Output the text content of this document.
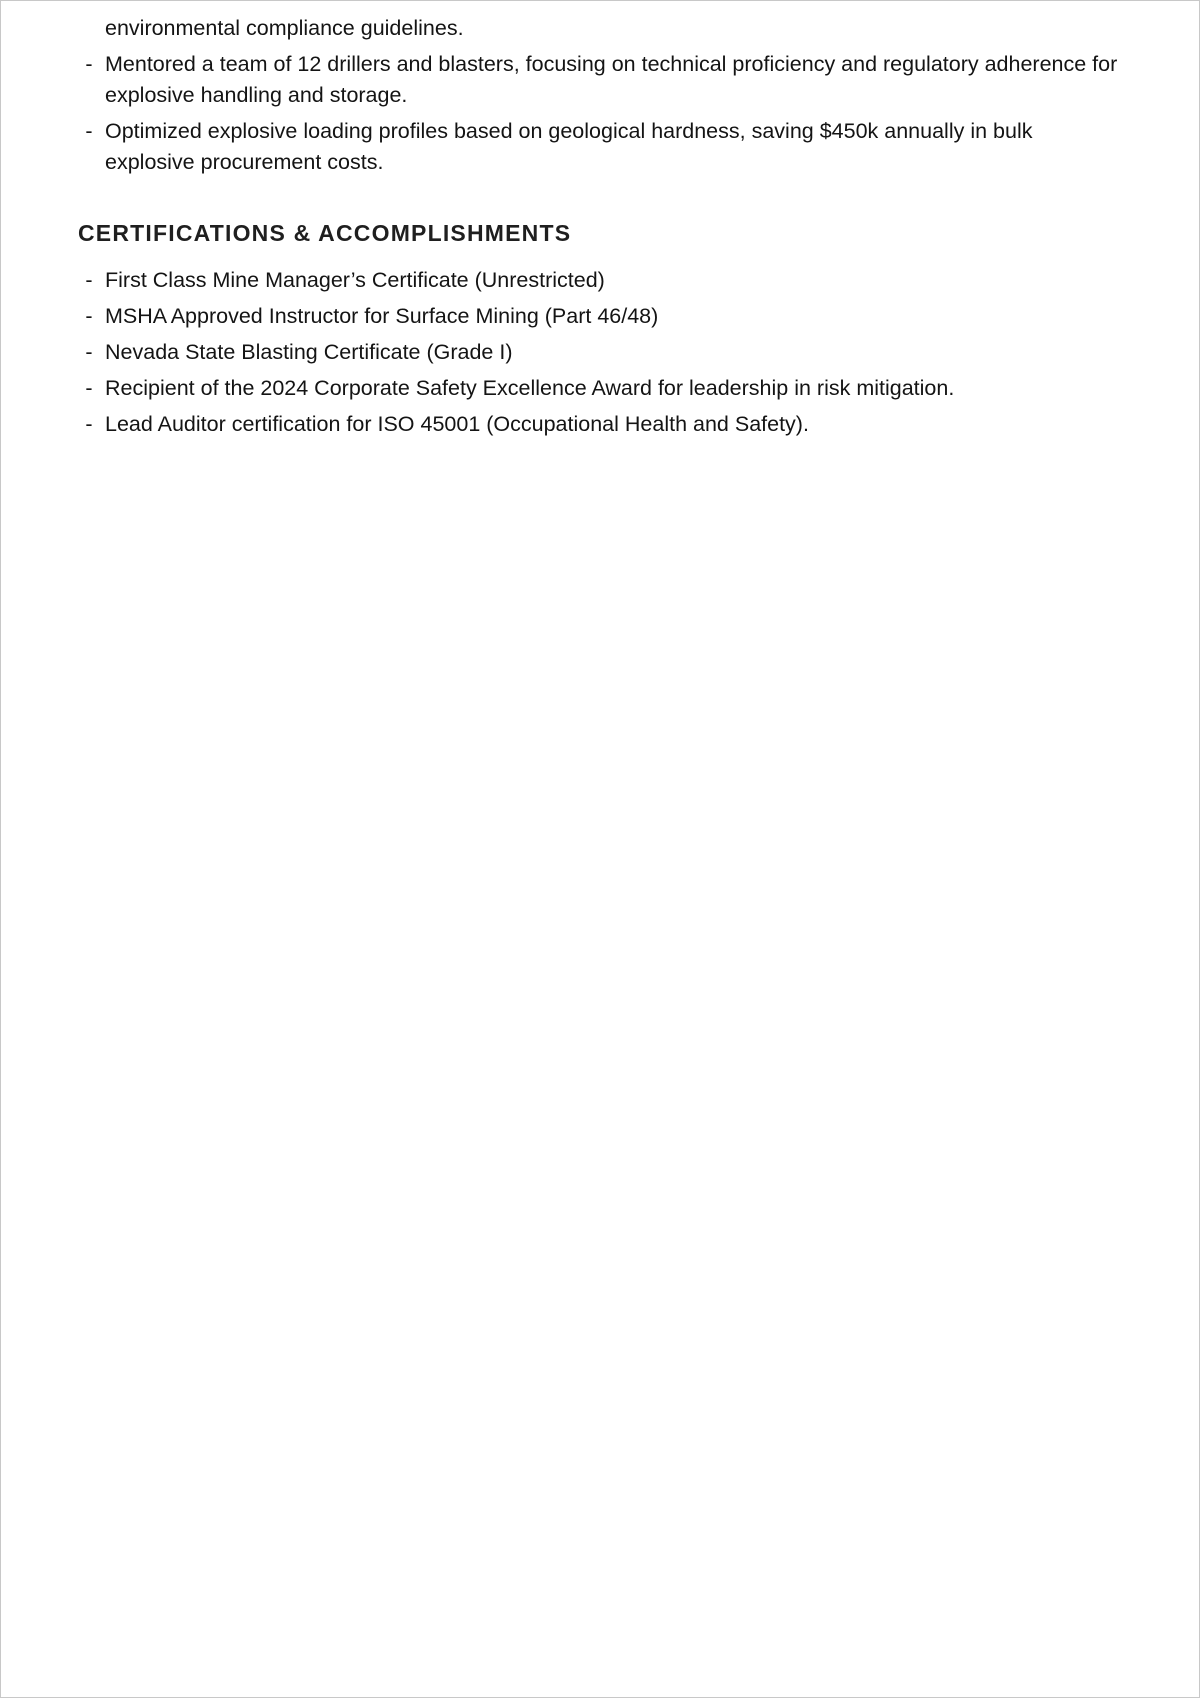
environmental compliance guidelines.
- Mentored a team of 12 drillers and blasters, focusing on technical proficiency and regulatory adherence for explosive handling and storage.
- Optimized explosive loading profiles based on geological hardness, saving $450k annually in bulk explosive procurement costs.
CERTIFICATIONS & ACCOMPLISHMENTS
- First Class Mine Manager’s Certificate (Unrestricted)
- MSHA Approved Instructor for Surface Mining (Part 46/48)
- Nevada State Blasting Certificate (Grade I)
- Recipient of the 2024 Corporate Safety Excellence Award for leadership in risk mitigation.
- Lead Auditor certification for ISO 45001 (Occupational Health and Safety).
